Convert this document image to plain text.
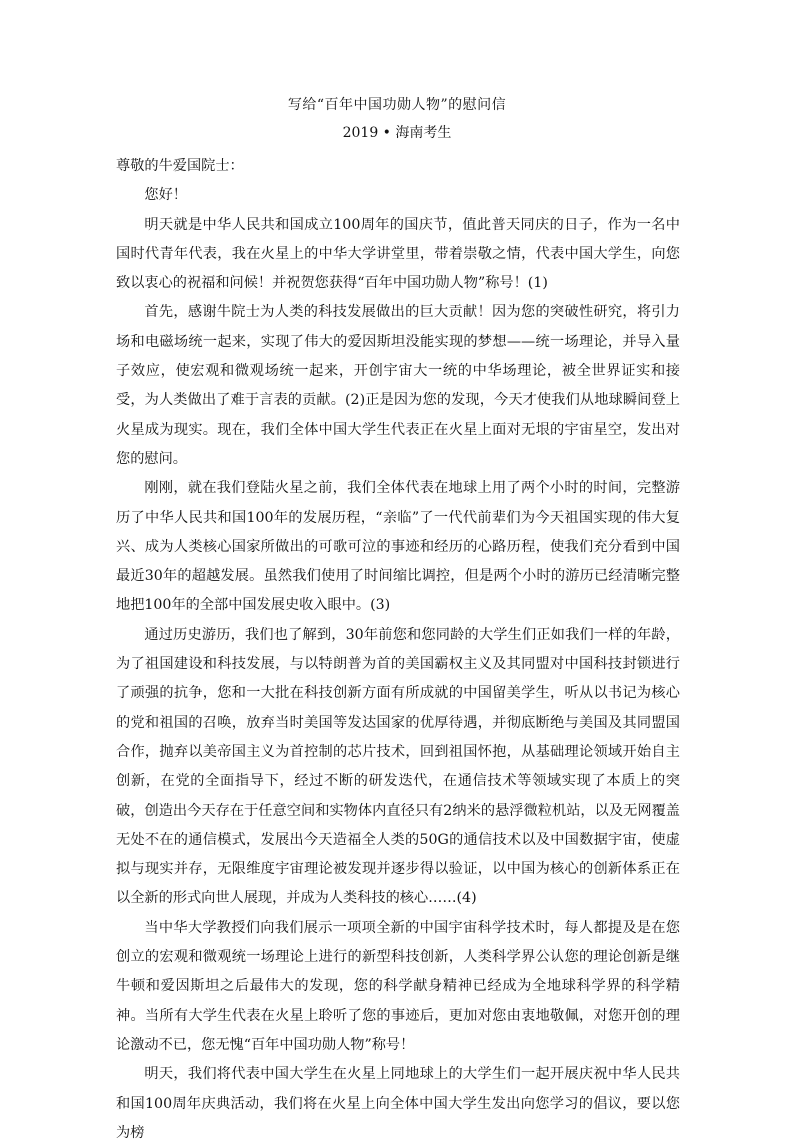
写给“百年中国功勋人物”的慰问信
2019 • 海南考生

尊敬的牛爱国院士：

您好！

明天就是中华人民共和国成立100周年的国庆节，值此普天同庆的日子，作为一名中国时代青年代表，我在火星上的中华大学讲堂里，带着崇敬之情，代表中国大学生，向您致以衷心的祝福和问候！并祝贺您获得“百年中国功勋人物”称号！(1)

首先，感谢牛院士为人类的科技发展做出的巨大贡献！因为您的突破性研究，将引力场和电磁场统一起来，实现了伟大的爱因斯坦没能实现的梦想——统一场理论，并导入量子效应，使宏观和微观场统一起来，开创宇宙大一统的中华场理论，被全世界证实和接受，为人类做出了难于言表的贡献。(2)正是因为您的发现，今天才使我们从地球瞬间登上火星成为现实。现在，我们全体中国大学生代表正在火星上面对无垠的宇宙星空，发出对您的慰问。

刚刚，就在我们登陆火星之前，我们全体代表在地球上用了两个小时的时间，完整游历了中华人民共和国100年的发展历程，“亲临”了一代代前辈们为今天祖国实现的伟大复兴、成为人类核心国家所做出的可歌可泣的事迹和经历的心路历程，使我们充分看到中国最近30年的超越发展。虽然我们使用了时间缩比调控，但是两个小时的游历已经清晰完整地把100年的全部中国发展史收入眼中。(3)

通过历史游历，我们也了解到，30年前您和您同龄的大学生们正如我们一样的年龄，为了祖国建设和科技发展，与以特朗普为首的美国霸权主义及其同盟对中国科技封锁进行了顽强的抗争，您和一大批在科技创新方面有所成就的中国留美学生，听从以书记为核心的党和祖国的召唤，放弃当时美国等发达国家的优厚待遇，并彻底断绝与美国及其同盟国合作，抛弃以美帝国主义为首控制的芯片技术，回到祖国怀抱，从基础理论领域开始自主创新，在党的全面指导下，经过不断的研发迭代，在通信技术等领域实现了本质上的突破，创造出今天存在于任意空间和实物体内直径只有2纳米的悬浮微粒机站，以及无网覆盖无处不在的通信模式，发展出今天造福全人类的50G的通信技术以及中国数据宇宙，使虚拟与现实并存，无限维度宇宙理论被发现并逐步得以验证，以中国为核心的创新体系正在以全新的形式向世人展现，并成为人类科技的核心……(4)

当中华大学教授们向我们展示一项项全新的中国宇宙科学技术时，每人都提及是在您创立的宏观和微观统一场理论上进行的新型科技创新，人类科学界公认您的理论创新是继牛顿和爱因斯坦之后最伟大的发现，您的科学献身精神已经成为全地球科学界的科学精神。当所有大学生代表在火星上聆听了您的事迹后，更加对您由衷地敬佩，对您开创的理论激动不已，您无愧“百年中国功勋人物”称号！

明天，我们将代表中国大学生在火星上同地球上的大学生们一起开展庆祝中华人民共和国100周年庆典活动，我们将在火星上向全体中国大学生发出向您学习的倡议，要以您为榜
